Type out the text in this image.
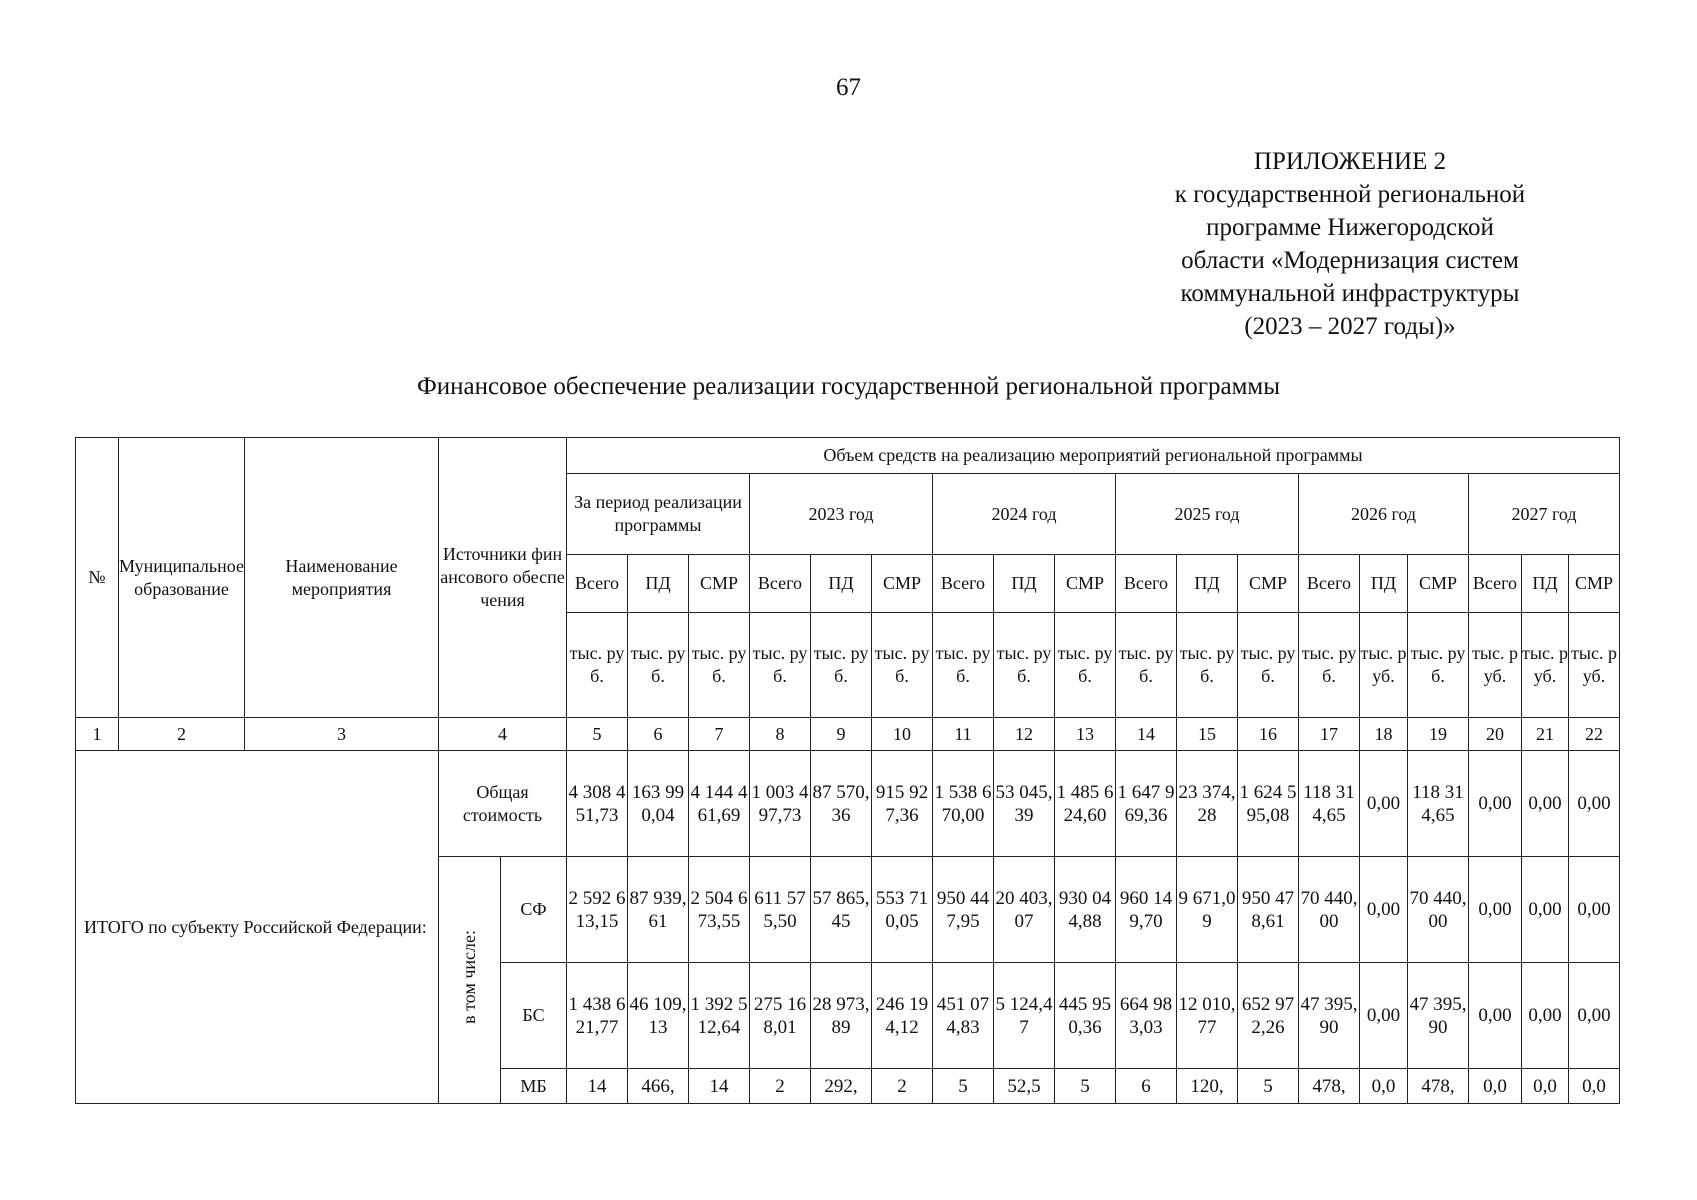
67
ПРИЛОЖЕНИЕ 2
к государственной региональной
программе Нижегородской
области «Модернизация систем
коммунальной инфраструктуры
(2023 – 2027 годы)»
Финансовое обеспечение реализации государственной региональной программы
№	Муниципальное образование	Наименование мероприятия	Источники финансового обеспечения		Объем средств на реализацию мероприятий региональной программы																	
					За период реализации программы			2023 год			2024 год			2025 год			2026 год			2027 год		
					Всего	ПД	СМР	Всего	ПД	СМР	Всего	ПД	СМР	Всего	ПД	СМР	Всего	ПД	СМР	Всего	ПД	СМР
					тыс. руб.	тыс. руб.	тыс. руб.	тыс. руб.	тыс. руб.	тыс. руб.	тыс. руб.	тыс. руб.	тыс. руб.	тыс. руб.	тыс. руб.	тыс. руб.	тыс. руб.	тыс. руб.	тыс. руб.	тыс. руб.	тыс. руб.	тыс. руб.
1	2	3	4		5	6	7	8	9	10	11	12	13	14	15	16	17	18	19	20	21	22
ИТОГО по субъекту Российской Федерации:			Общая стоимость		4 308 451,73	163 990,04	4 144 461,69	1 003 497,73	87 570,36	915 927,36	1 538 670,00	53 045,39	1 485 624,60	1 647 969,36	23 374,28	1 624 595,08	118 314,65	0,00	118 314,65	0,00	0,00	0,00
			в том числе:	СФ	2 592 613,15	87 939,61	2 504 673,55	611 575,50	57 865,45	553 710,05	950 447,95	20 403,07	930 044,88	960 149,70	9 671,09	950 478,61	70 440,00	0,00	70 440,00	0,00	0,00	0,00
				БС	1 438 621,77	46 109,13	1 392 512,64	275 168,01	28 973,89	246 194,12	451 074,83	5 124,47	445 950,36	664 983,03	12 010,77	652 972,26	47 395,90	0,00	47 395,90	0,00	0,00	0,00
				МБ	14	466,	14	2	292,	2	5	52,5	5	6	120,	5	478,	0,0	478,	0,0	0,0	0,0
